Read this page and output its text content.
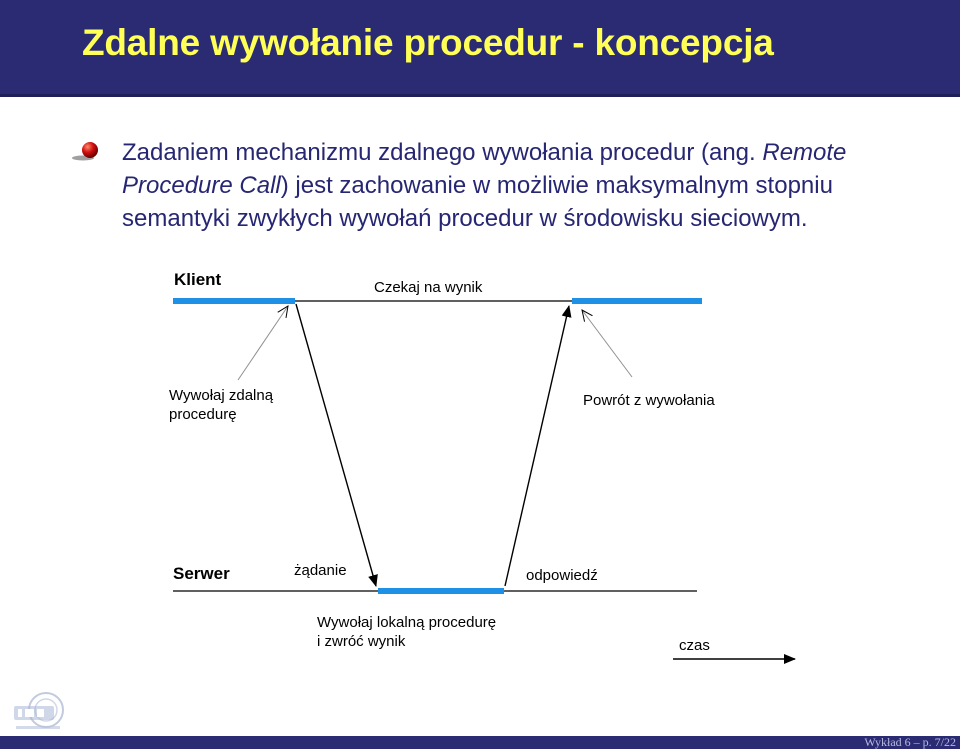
Zdalne wywołanie procedur - koncepcja
Zadaniem mechanizmu zdalnego wywołania procedur (ang. Remote Procedure Call) jest zachowanie w możliwie maksymalnym stopniu semantyki zwykłych wywołań procedur w środowisku sieciowym.
Klient	Czekaj na wynik
Wywołaj zdalną
procedurę
Powrót z wywołania
Serwer	żądanie	odpowiedź
Wywołaj lokalną procedurę
i zwróć wynik	czas
Wykład 6 – p. 7/22
